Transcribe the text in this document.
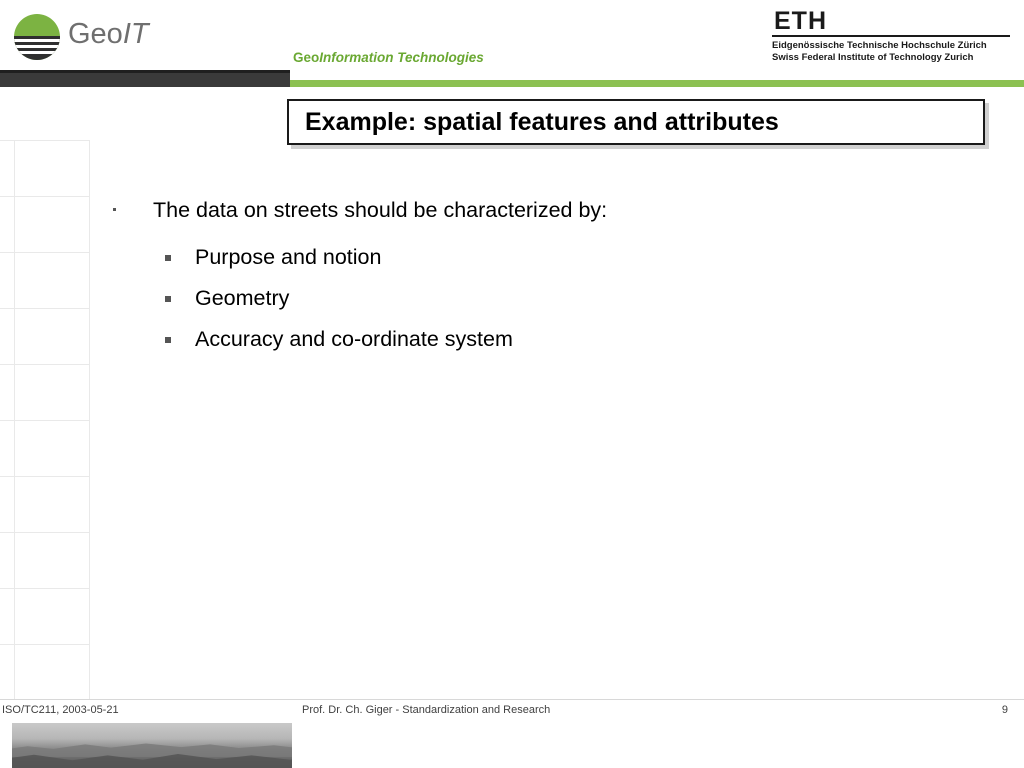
GeoIT
GeoInformation Technologies
ETH
Eidgenössische Technische Hochschule Zürich
Swiss Federal Institute of Technology Zurich
Example: spatial features and attributes
The data on streets should be characterized by:
Purpose and notion
Geometry
Accuracy and co-ordinate system
ISO/TC211, 2003-05-21	Prof. Dr. Ch. Giger - Standardization and Research	9
